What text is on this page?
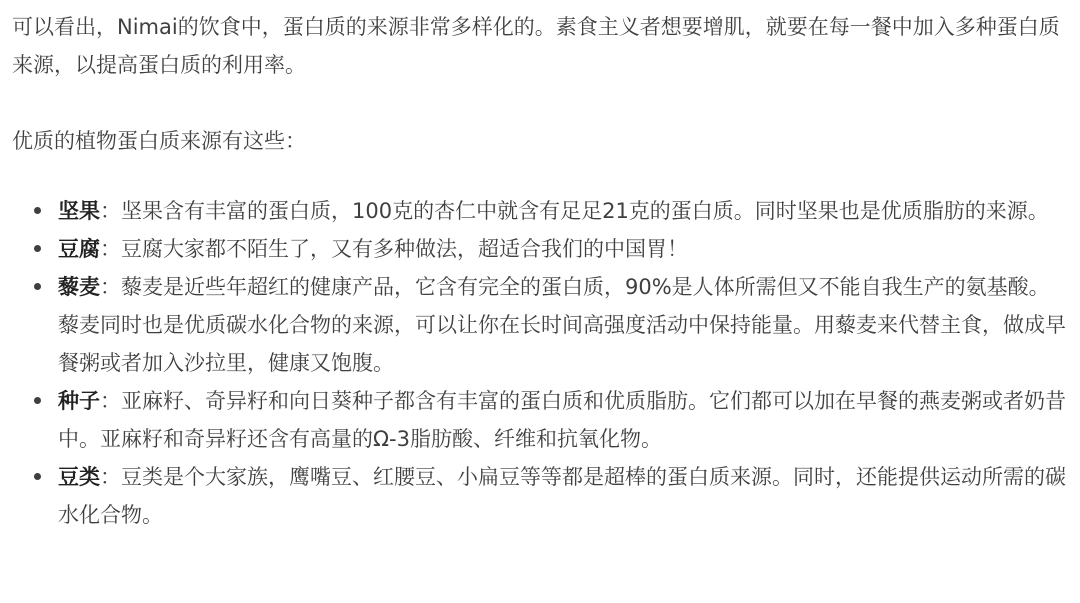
可以看出，Nimai的饮食中，蛋白质的来源非常多样化的。素食主义者想要增肌，就要在每一餐中加入多种蛋白质来源，以提高蛋白质的利用率。

优质的植物蛋白质来源有这些：

坚果：坚果含有丰富的蛋白质，100克的杏仁中就含有足足21克的蛋白质。同时坚果也是优质脂肪的来源。
豆腐：豆腐大家都不陌生了，又有多种做法，超适合我们的中国胃！
藜麦：藜麦是近些年超红的健康产品，它含有完全的蛋白质，90%是人体所需但又不能自我生产的氨基酸。藜麦同时也是优质碳水化合物的来源，可以让你在长时间高强度活动中保持能量。用藜麦来代替主食，做成早餐粥或者加入沙拉里，健康又饱腹。
种子：亚麻籽、奇异籽和向日葵种子都含有丰富的蛋白质和优质脂肪。它们都可以加在早餐的燕麦粥或者奶昔中。亚麻籽和奇异籽还含有高量的Ω-3脂肪酸、纤维和抗氧化物。
豆类：豆类是个大家族，鹰嘴豆、红腰豆、小扁豆等等都是超棒的蛋白质来源。同时，还能提供运动所需的碳水化合物。
